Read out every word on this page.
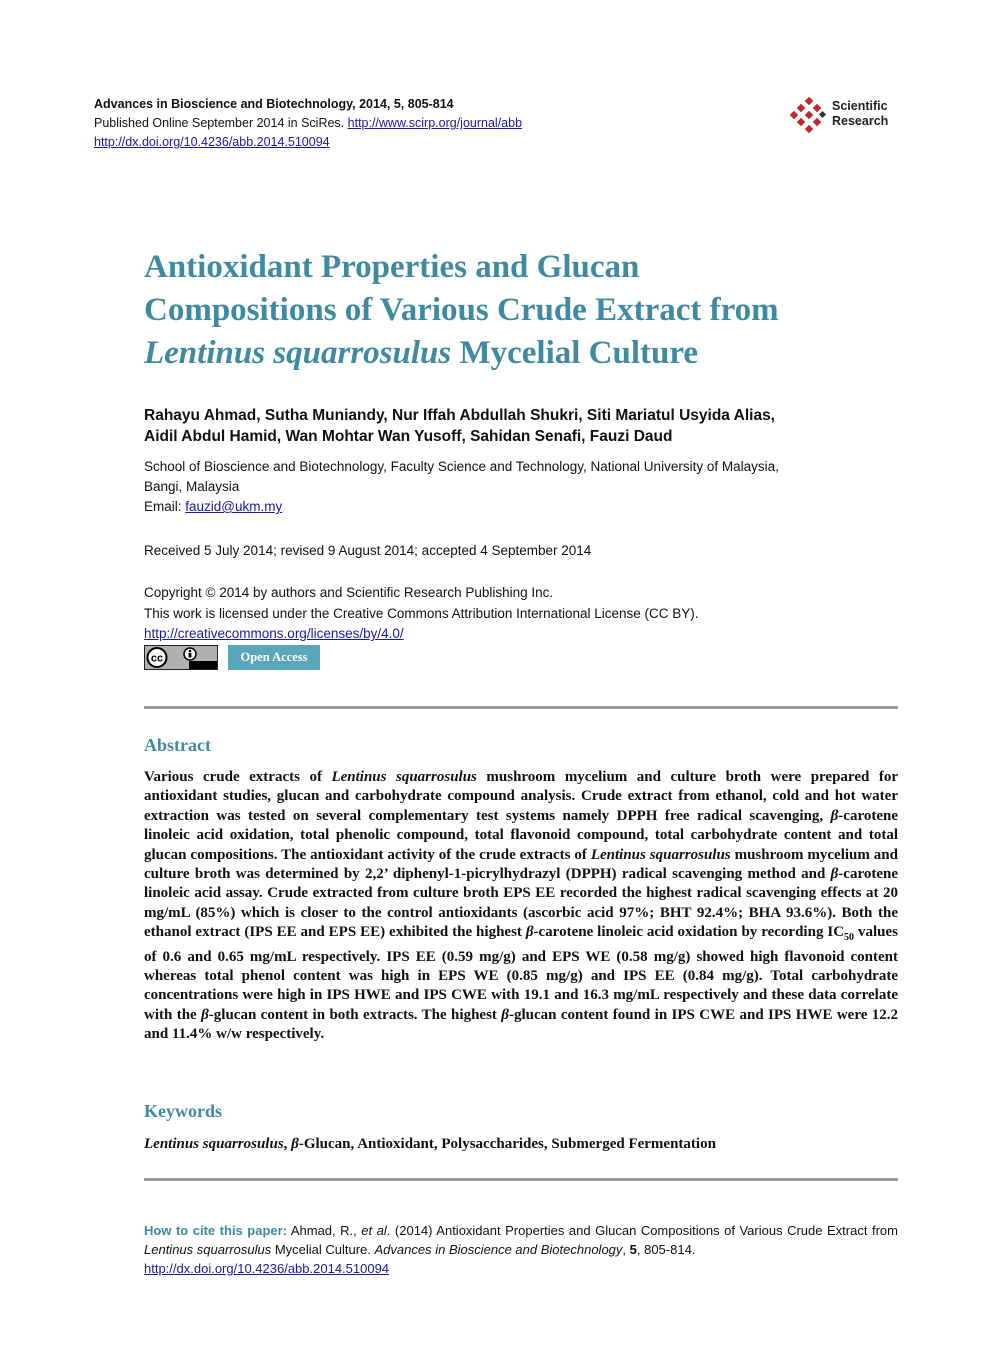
Advances in Bioscience and Biotechnology, 2014, 5, 805-814
Published Online September 2014 in SciRes. http://www.scirp.org/journal/abb
http://dx.doi.org/10.4236/abb.2014.510094
Scientific
Research
Antioxidant Properties and Glucan
Compositions of Various Crude Extract from
Lentinus squarrosulus Mycelial Culture
Rahayu Ahmad, Sutha Muniandy, Nur Iffah Abdullah Shukri, Siti Mariatul Usyida Alias,
Aidil Abdul Hamid, Wan Mohtar Wan Yusoff, Sahidan Senafi, Fauzi Daud
School of Bioscience and Biotechnology, Faculty Science and Technology, National University of Malaysia,
Bangi, Malaysia
Email: fauzid@ukm.my
Received 5 July 2014; revised 9 August 2014; accepted 4 September 2014
Copyright © 2014 by authors and Scientific Research Publishing Inc.
This work is licensed under the Creative Commons Attribution International License (CC BY).
http://creativecommons.org/licenses/by/4.0/
cc	Open Access
Abstract
Various crude extracts of Lentinus squarrosulus mushroom mycelium and culture broth were prepared for antioxidant studies, glucan and carbohydrate compound analysis. Crude extract from ethanol, cold and hot water extraction was tested on several complementary test systems namely DPPH free radical scavenging, β-carotene linoleic acid oxidation, total phenolic compound, total flavonoid compound, total carbohydrate content and total glucan compositions. The antioxidant activity of the crude extracts of Lentinus squarrosulus mushroom mycelium and culture broth was determined by 2,2’ diphenyl-1-picrylhydrazyl (DPPH) radical scavenging method and β-carotene linoleic acid assay. Crude extracted from culture broth EPS EE recorded the highest radical scavenging effects at 20 mg/mL (85%) which is closer to the control antioxidants (ascorbic acid 97%; BHT 92.4%; BHA 93.6%). Both the ethanol extract (IPS EE and EPS EE) exhibited the highest β-carotene linoleic acid oxidation by recording $IC_{50}$ values of 0.6 and 0.65 mg/mL respectively. IPS EE (0.59 mg/g) and EPS WE (0.58 mg/g) showed high flavonoid content whereas total phenol content was high in EPS WE (0.85 mg/g) and IPS EE (0.84 mg/g). Total carbohydrate concentrations were high in IPS HWE and IPS CWE with 19.1 and 16.3 mg/mL respectively and these data correlate with the β-glucan content in both extracts. The highest β-glucan content found in IPS CWE and IPS HWE were 12.2 and 11.4% w/w respectively.
Keywords
Lentinus squarrosulus, β-Glucan, Antioxidant, Polysaccharides, Submerged Fermentation
How to cite this paper: Ahmad, R., et al. (2014) Antioxidant Properties and Glucan Compositions of Various Crude Extract from Lentinus squarrosulus Mycelial Culture. Advances in Bioscience and Biotechnology, 5, 805-814.
http://dx.doi.org/10.4236/abb.2014.510094
